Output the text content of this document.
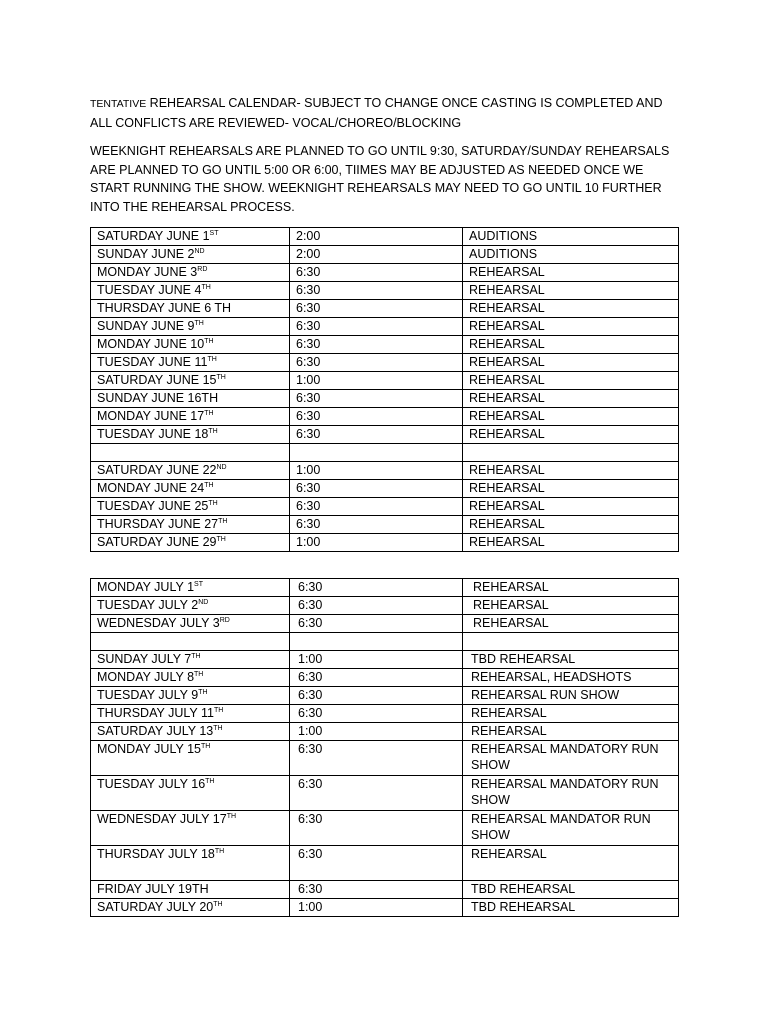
TENTATIVE REHEARSAL CALENDAR- SUBJECT TO CHANGE ONCE CASTING IS COMPLETED AND ALL CONFLICTS ARE REVIEWED- VOCAL/CHOREO/BLOCKING

WEEKNIGHT REHEARSALS ARE PLANNED TO GO UNTIL 9:30, SATURDAY/SUNDAY REHEARSALS ARE PLANNED TO GO UNTIL 5:00 OR 6:00, TIIMES MAY BE ADJUSTED AS NEEDED ONCE WE START RUNNING THE SHOW. WEEKNIGHT REHEARSALS MAY NEED TO GO UNTIL 10 FURTHER INTO THE REHEARSAL PROCESS.

SATURDAY JUNE 1ST	2:00	AUDITIONS
SUNDAY JUNE 2ND	2:00	AUDITIONS
MONDAY JUNE 3RD	6:30	REHEARSAL
TUESDAY JUNE 4TH	6:30	REHEARSAL
THURSDAY JUNE 6 TH	6:30	REHEARSAL
SUNDAY JUNE 9TH	6:30	REHEARSAL
MONDAY JUNE 10TH	6:30	REHEARSAL
TUESDAY JUNE 11TH	6:30	REHEARSAL
SATURDAY JUNE 15TH	1:00	REHEARSAL
SUNDAY JUNE 16TH	6:30	REHEARSAL
MONDAY JUNE 17TH	6:30	REHEARSAL
TUESDAY JUNE 18TH	6:30	REHEARSAL

SATURDAY JUNE 22ND	1:00	REHEARSAL
MONDAY JUNE 24TH	6:30	REHEARSAL
TUESDAY JUNE 25TH	6:30	REHEARSAL
THURSDAY JUNE 27TH	6:30	REHEARSAL
SATURDAY JUNE 29TH	1:00	REHEARSAL
MONDAY JULY 1ST	6:30	REHEARSAL
TUESDAY JULY 2ND	6:30	REHEARSAL
WEDNESDAY JULY 3RD	6:30	REHEARSAL

SUNDAY JULY 7TH	1:00	TBD REHEARSAL
MONDAY JULY 8TH	6:30	REHEARSAL, HEADSHOTS
TUESDAY JULY 9TH	6:30	REHEARSAL RUN SHOW
THURSDAY JULY 11TH	6:30	REHEARSAL
SATURDAY JULY 13TH	1:00	REHEARSAL
MONDAY JULY 15TH	6:30	REHEARSAL MANDATORY RUN SHOW
TUESDAY JULY 16TH	6:30	REHEARSAL MANDATORY RUN SHOW
WEDNESDAY JULY 17TH	6:30	REHEARSAL MANDATOR RUN SHOW
THURSDAY JULY 18TH	6:30	REHEARSAL
FRIDAY JULY 19TH	6:30	TBD REHEARSAL
SATURDAY JULY 20TH	1:00	TBD REHEARSAL
